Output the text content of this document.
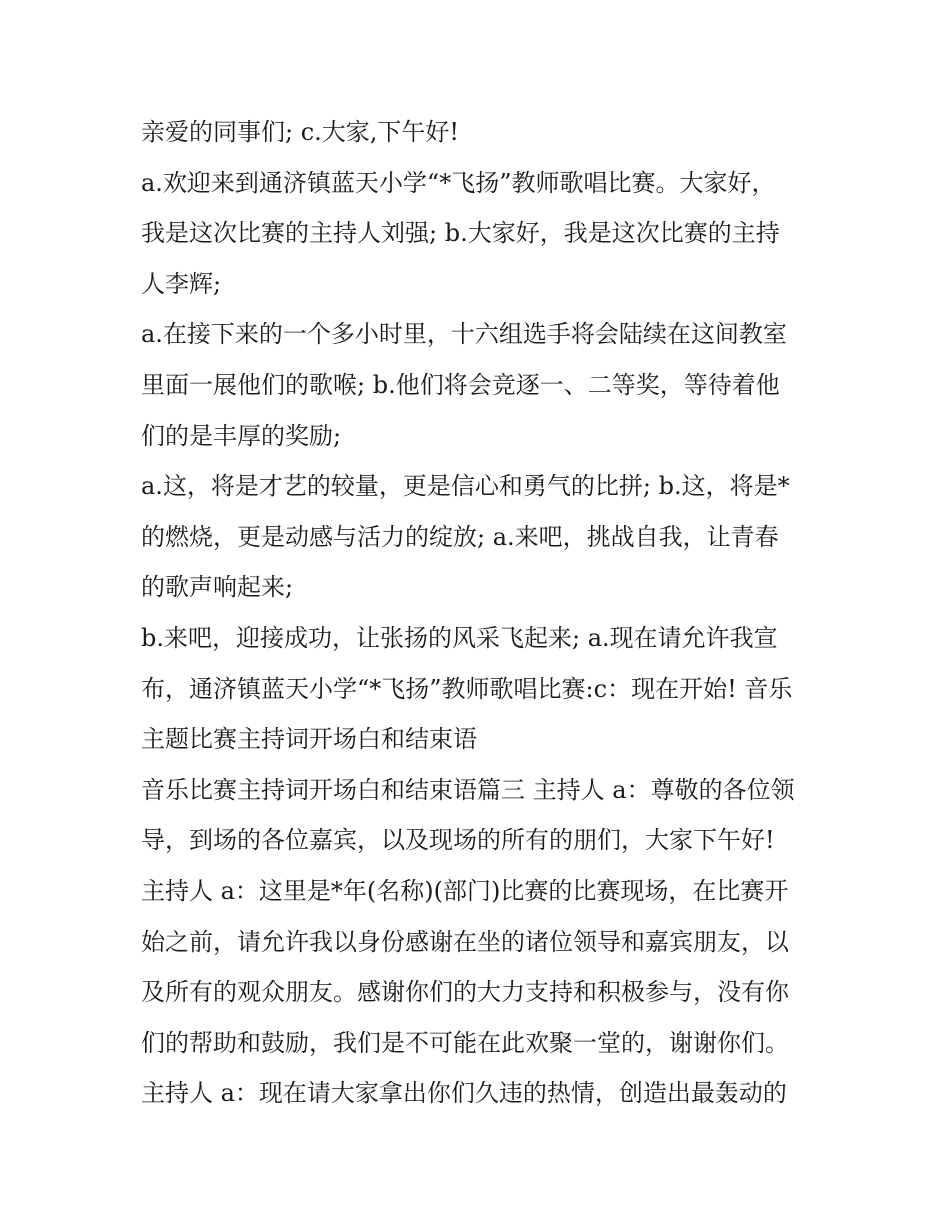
亲爱的同事们; c.大家,下午好!
a.欢迎来到通济镇蓝天小学“*飞扬”教师歌唱比赛。大家好，
我是这次比赛的主持人刘强; b.大家好，我是这次比赛的主持
人李辉;
a.在接下来的一个多小时里，十六组选手将会陆续在这间教室
里面一展他们的歌喉; b.他们将会竞逐一、二等奖，等待着他
们的是丰厚的奖励;
a.这，将是才艺的较量，更是信心和勇气的比拼; b.这，将是*
的燃烧，更是动感与活力的绽放; a.来吧，挑战自我，让青春
的歌声响起来;
b.来吧，迎接成功，让张扬的风采飞起来; a.现在请允许我宣
布，通济镇蓝天小学“*飞扬”教师歌唱比赛:c：现在开始! 音乐
主题比赛主持词开场白和结束语
音乐比赛主持词开场白和结束语篇三 主持人 a：尊敬的各位领
导，到场的各位嘉宾，以及现场的所有的朋们，大家下午好!
主持人 a：这里是*年(名称)(部门)比赛的比赛现场，在比赛开
始之前，请允许我以身份感谢在坐的诸位领导和嘉宾朋友，以
及所有的观众朋友。感谢你们的大力支持和积极参与，没有你
们的帮助和鼓励，我们是不可能在此欢聚一堂的，谢谢你们。
主持人 a：现在请大家拿出你们久违的热情，创造出最轰动的
